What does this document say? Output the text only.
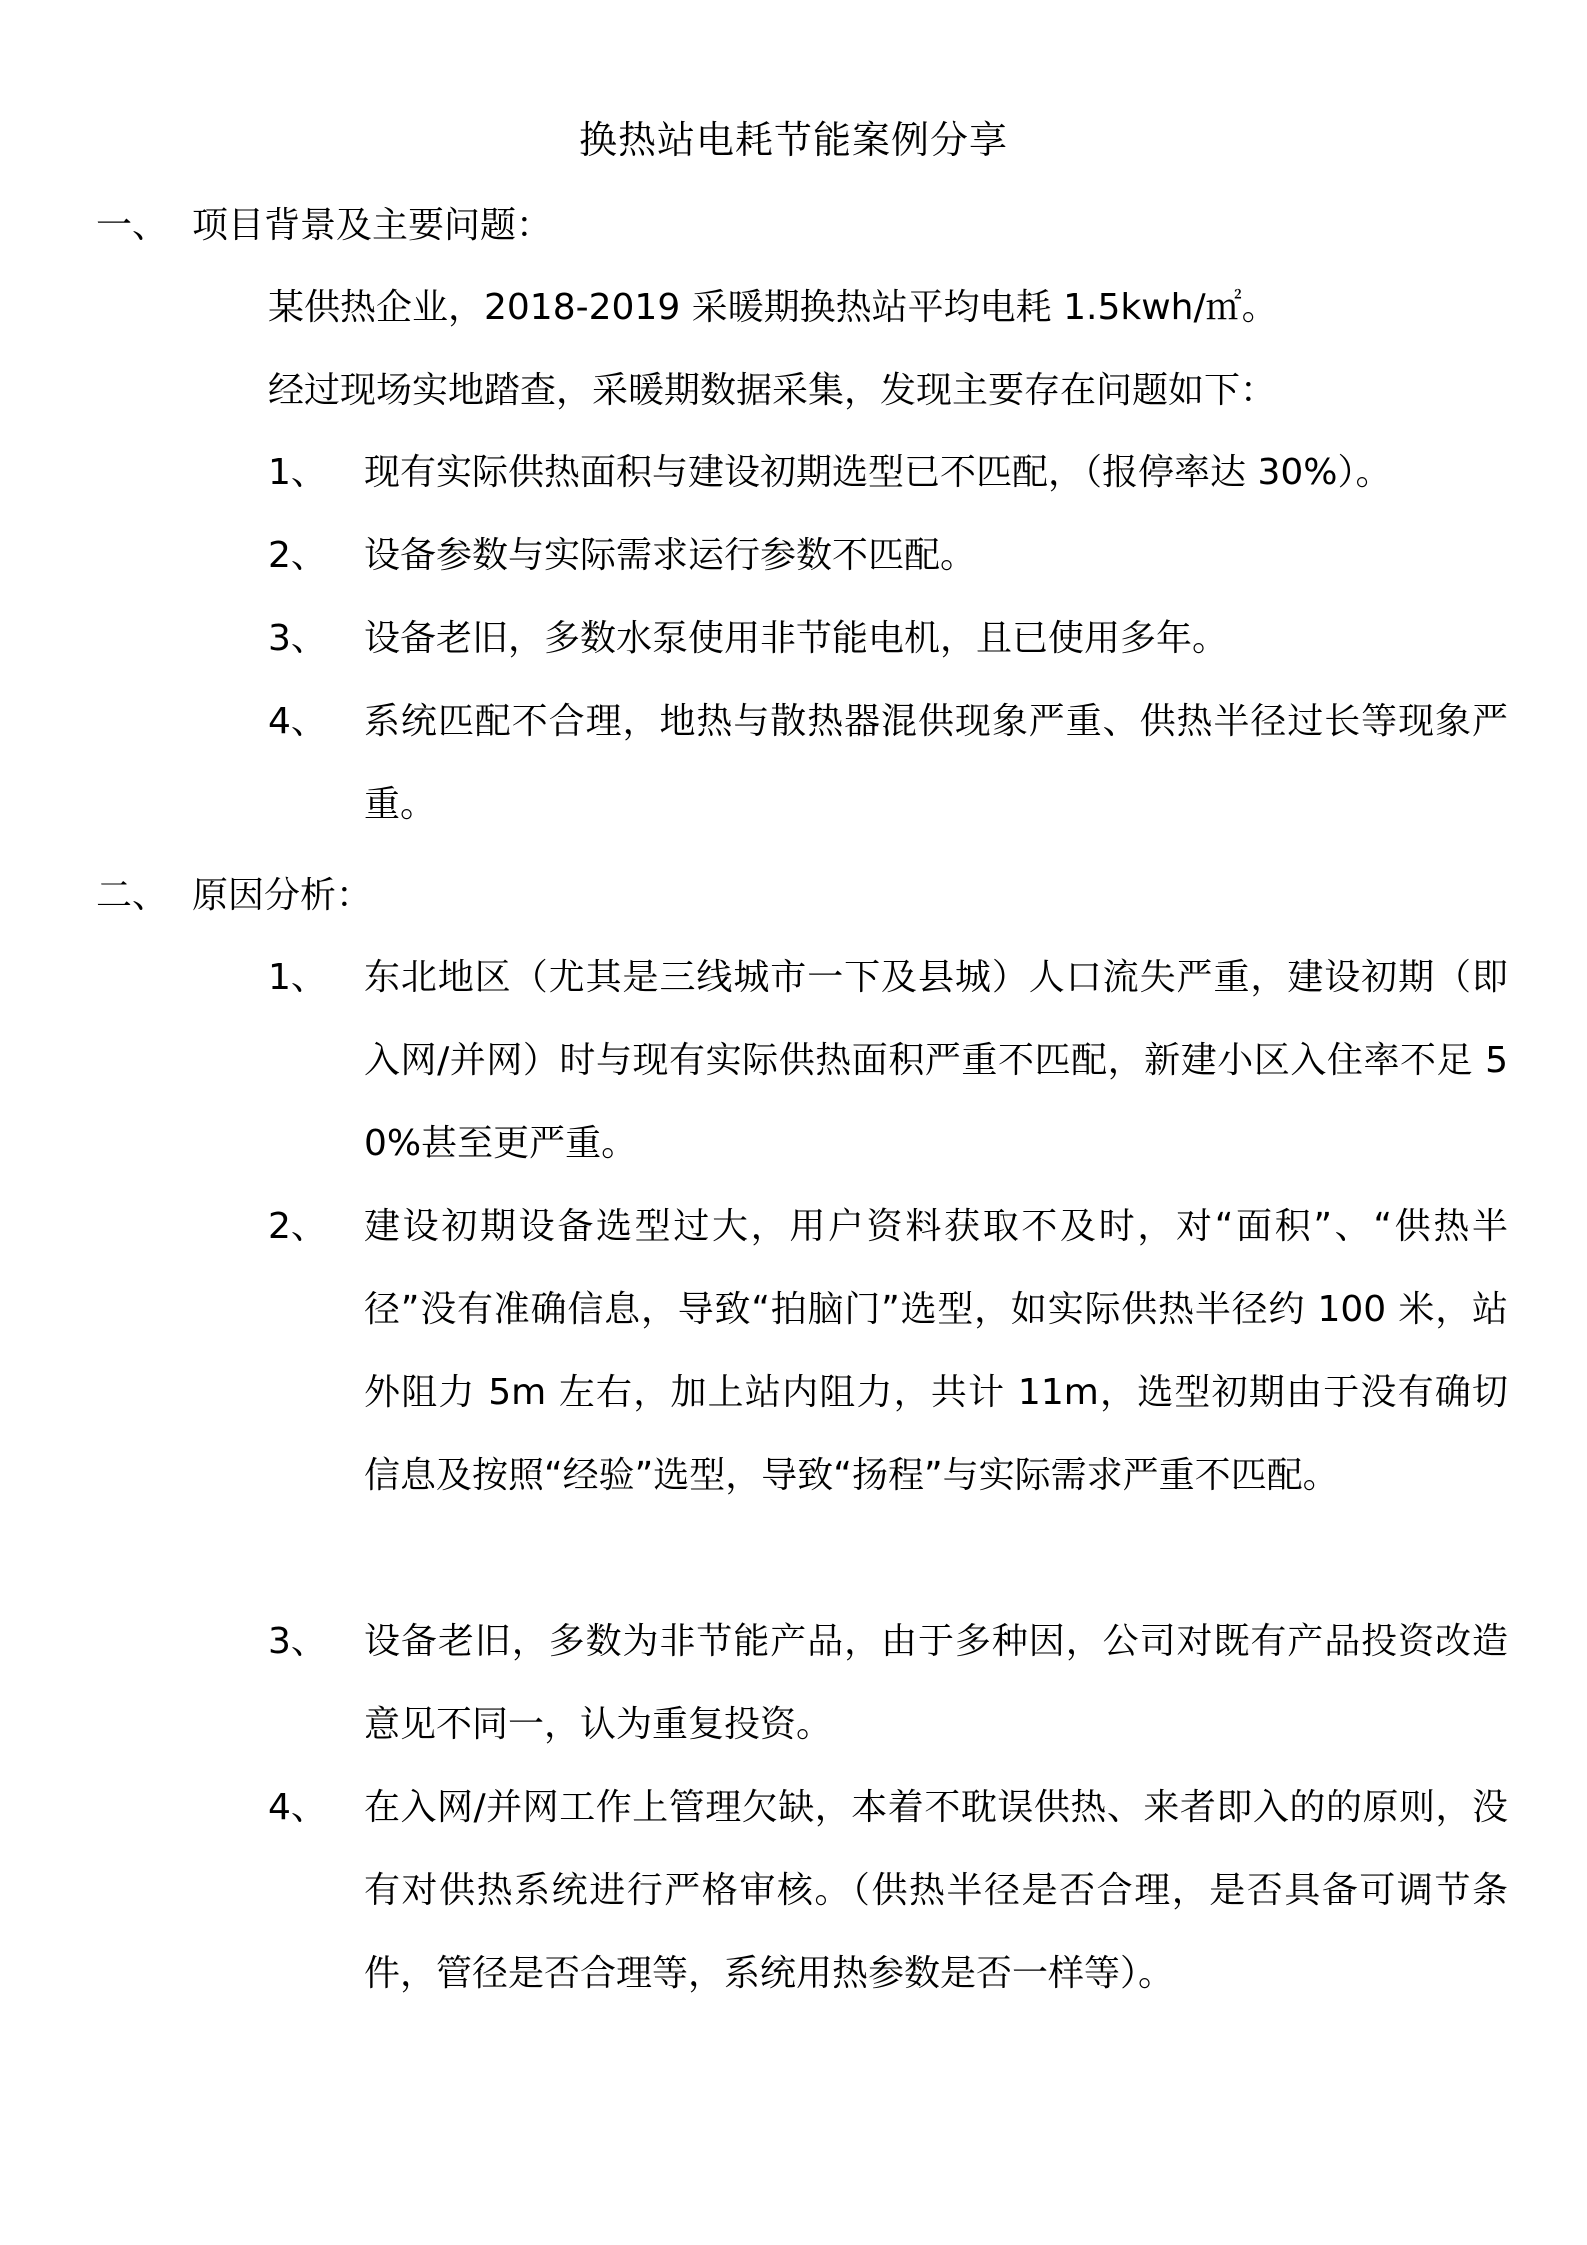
换热站电耗节能案例分享
一、 项目背景及主要问题：
某供热企业，2018-2019 采暖期换热站平均电耗 1.5kwh/㎡。
经过现场实地踏查，采暖期数据采集，发现主要存在问题如下：
1、	现有实际供热面积与建设初期选型已不匹配，（报停率达 30%）。
2、	设备参数与实际需求运行参数不匹配。
3、	设备老旧，多数水泵使用非节能电机，且已使用多年。
4、	系统匹配不合理，地热与散热器混供现象严重、供热半径过长等现象严重。
二、 原因分析：
1、	东北地区（尤其是三线城市一下及县城）人口流失严重，建设初期（即入网/并网）时与现有实际供热面积严重不匹配，新建小区入住率不足 50%甚至更严重。
2、	建设初期设备选型过大，用户资料获取不及时，对“面积”、“供热半径”没有准确信息，导致“拍脑门”选型，如实际供热半径约 100 米，站外阻力 5m 左右，加上站内阻力，共计 11m，选型初期由于没有确切信息及按照“经验”选型，导致“扬程”与实际需求严重不匹配。
3、	设备老旧，多数为非节能产品，由于多种因，公司对既有产品投资改造意见不同一，认为重复投资。
4、	在入网/并网工作上管理欠缺，本着不耽误供热、来者即入的的原则，没有对供热系统进行严格审核。（供热半径是否合理，是否具备可调节条件，管径是否合理等，系统用热参数是否一样等）。
